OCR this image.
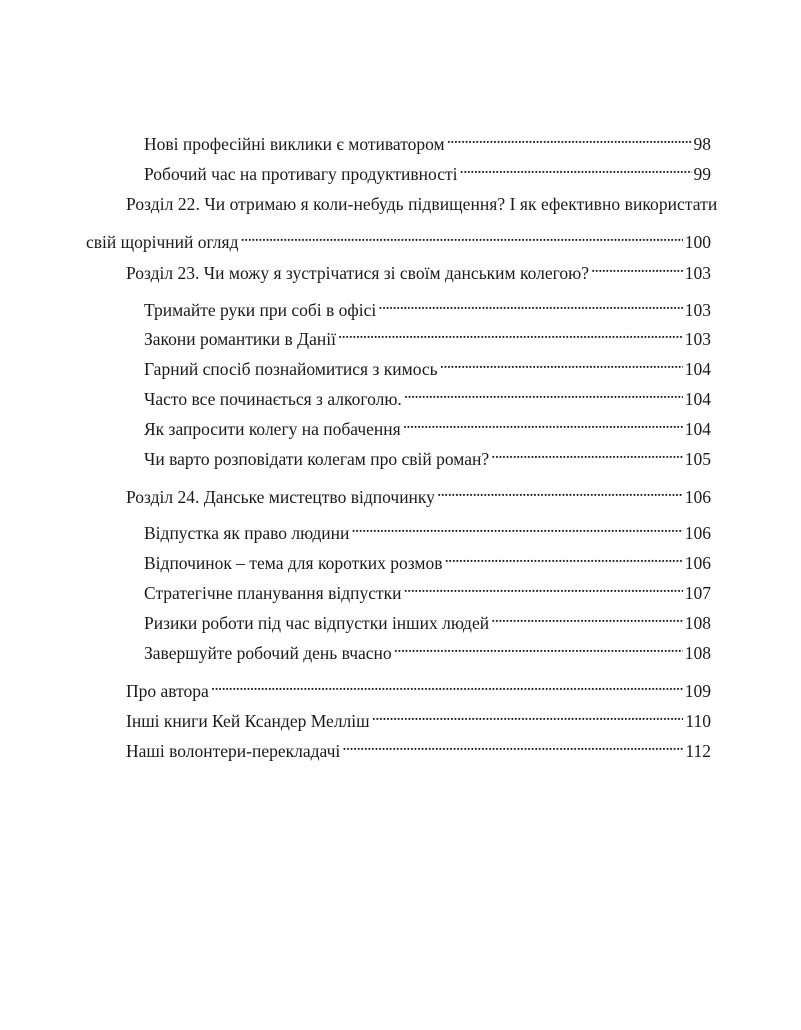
Нові професійні виклики є мотиватором . . .	98
Робочий час на противагу продуктивності . . .	99
Розділ 22. Чи отримаю я коли-небудь підвищення? І як ефективно використати
свій щорічний огляд . . .	100
Розділ 23. Чи можу я зустрічатися зі своїм данським колегою? . . .	103
Тримайте руки при собі в офісі . . .	103
Закони романтики в Данії . . .	103
Гарний спосіб познайомитися з кимось . . .	104
Часто все починається з алкоголю. . . .	104
Як запросити колегу на побачення . . .	104
Чи варто розповідати колегам про свій роман? . . .	105
Розділ 24. Данське мистецтво відпочинку . . .	106
Відпустка як право людини . . .	106
Відпочинок – тема для коротких розмов . . .	106
Стратегічне планування відпустки . . .	107
Ризики роботи під час відпустки інших людей . . .	108
Завершуйте робочий день вчасно . . .	108
Про автора . . .	109
Інші книги Кей Ксандер Мелліш . . .	110
Наші волонтери-перекладачі . . .	112
